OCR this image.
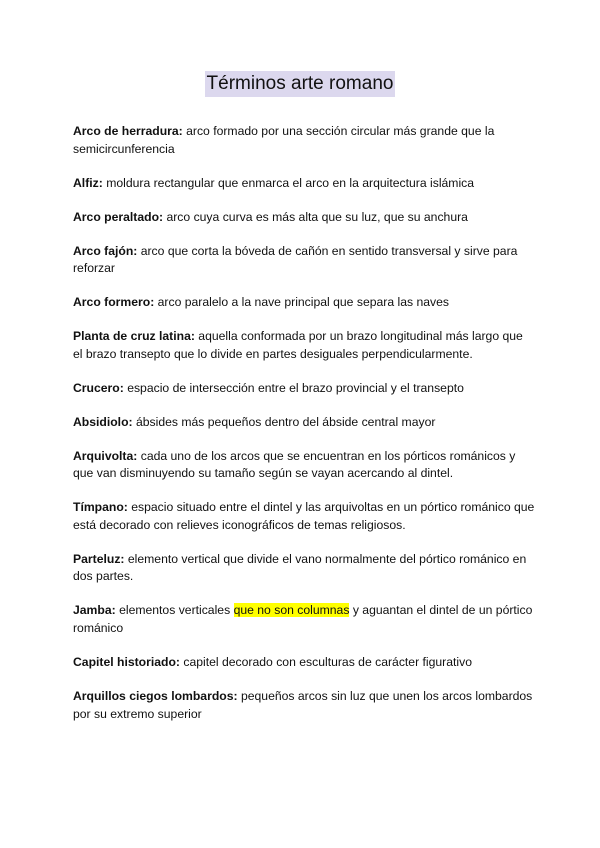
Términos arte romano

Arco de herradura: arco formado por una sección circular más grande que la semicircunferencia

Alfiz: moldura rectangular que enmarca el arco en la arquitectura islámica

Arco peraltado: arco cuya curva es más alta que su luz, que su anchura

Arco fajón: arco que corta la bóveda de cañón en sentido transversal y sirve para reforzar

Arco formero: arco paralelo a la nave principal que separa las naves

Planta de cruz latina: aquella conformada por un brazo longitudinal más largo que el brazo transepto que lo divide en partes desiguales perpendicularmente.

Crucero: espacio de intersección entre el brazo provincial y el transepto

Absidiolo: ábsides más pequeños dentro del ábside central mayor

Arquivolta: cada uno de los arcos que se encuentran en los pórticos románicos y que van disminuyendo su tamaño según se vayan acercando al dintel.

Tímpano: espacio situado entre el dintel y las arquivoltas en un pórtico románico que está decorado con relieves iconográficos de temas religiosos.

Parteluz: elemento vertical que divide el vano normalmente del pórtico románico en dos partes.

Jamba: elementos verticales que no son columnas y aguantan el dintel de un pórtico románico

Capitel historiado: capitel decorado con esculturas de carácter figurativo

Arquillos ciegos lombardos: pequeños arcos sin luz que unen los arcos lombardos por su extremo superior
